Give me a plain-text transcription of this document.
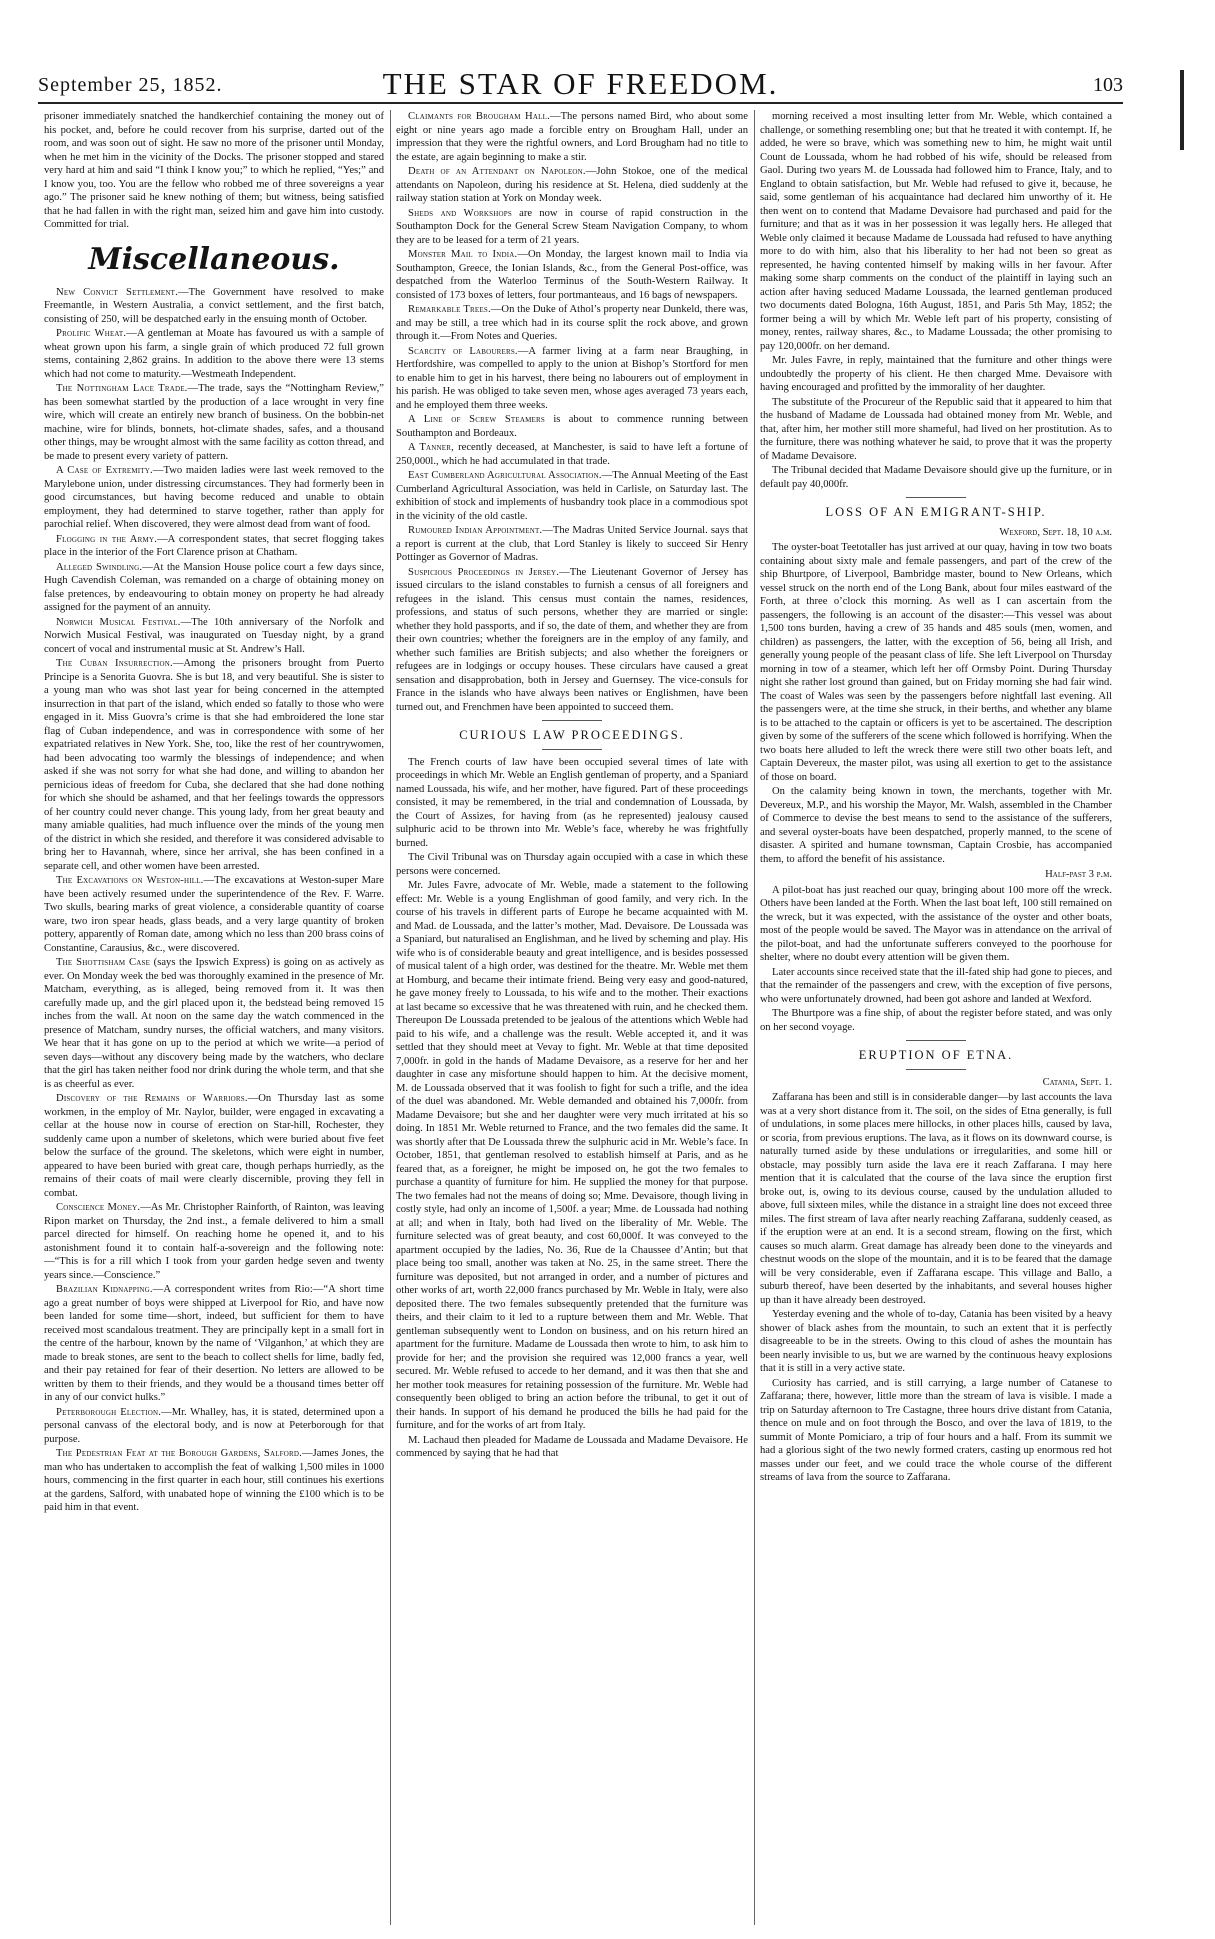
September 25, 1852.	THE STAR OF FREEDOM.	103

prisoner immediately snatched the handkerchief containing the money out of his pocket, and, before he could recover from his surprise, darted out of the room, and was soon out of sight. He saw no more of the prisoner until Monday, when he met him in the vicinity of the Docks. The prisoner stopped and stared very hard at him and said “I think I know you;” to which he replied, “Yes;” and I know you, too. You are the fellow who robbed me of three sovereigns a year ago.” The prisoner said he knew nothing of them; but witness, being satisfied that he had fallen in with the right man, seized him and gave him into custody. Committed for trial.

Miscellaneous.

New Convict Settlement.—The Government have resolved to make Freemantle, in Western Australia, a convict settlement, and the first batch, consisting of 250, will be despatched early in the ensuing month of October.

Prolific Wheat.—A gentleman at Moate has favoured us with a sample of wheat grown upon his farm, a single grain of which produced 72 full grown stems, containing 2,862 grains. In addition to the above there were 13 stems which had not come to maturity.—Westmeath Independent.

The Nottingham Lace Trade.—The trade, says the “Nottingham Review,” has been somewhat startled by the production of a lace wrought in very fine wire, which will create an entirely new branch of business. On the bobbin-net machine, wire for blinds, bonnets, hot-climate shades, safes, and a thousand other things, may be wrought almost with the same facility as cotton thread, and be made to present every variety of pattern.

A Case of Extremity.—Two maiden ladies were last week removed to the Marylebone union, under distressing circumstances. They had formerly been in good circumstances, but having become reduced and unable to obtain employment, they had determined to starve together, rather than apply for parochial relief. When discovered, they were almost dead from want of food.

Flogging in the Army.—A correspondent states, that secret flogging takes place in the interior of the Fort Clarence prison at Chatham.

Alleged Swindling.—At the Mansion House police court a few days since, Hugh Cavendish Coleman, was remanded on a charge of obtaining money on false pretences, by endeavouring to obtain money on property he had already assigned for the payment of an annuity.

Norwich Musical Festival.—The 10th anniversary of the Norfolk and Norwich Musical Festival, was inaugurated on Tuesday night, by a grand concert of vocal and instrumental music at St. Andrew’s Hall.

The Cuban Insurrection.—Among the prisoners brought from Puerto Principe is a Senorita Guovra. She is but 18, and very beautiful. She is sister to a young man who was shot last year for being concerned in the attempted insurrection in that part of the island, which ended so fatally to those who were engaged in it. Miss Guovra’s crime is that she had embroidered the lone star flag of Cuban independence, and was in correspondence with some of her expatriated relatives in New York. She, too, like the rest of her countrywomen, had been advocating too warmly the blessings of independence; and when asked if she was not sorry for what she had done, and willing to abandon her pernicious ideas of freedom for Cuba, she declared that she had done nothing for which she should be ashamed, and that her feelings towards the oppressors of her country could never change. This young lady, from her great beauty and many amiable qualities, had much influence over the minds of the young men of the district in which she resided, and therefore it was considered advisable to bring her to Havannah, where, since her arrival, she has been confined in a separate cell, and other women have been arrested.

The Excavations on Weston-hill.—The excavations at Weston-super Mare have been actively resumed under the superintendence of the Rev. F. Warre. Two skulls, bearing marks of great violence, a considerable quantity of coarse ware, two iron spear heads, glass beads, and a very large quantity of broken pottery, apparently of Roman date, among which no less than 200 brass coins of Constantine, Carausius, &c., were discovered.

The Shottisham Case (says the Ipswich Express) is going on as actively as ever. On Monday week the bed was thoroughly examined in the presence of Mr. Matcham, everything, as is alleged, being removed from it. It was then carefully made up, and the girl placed upon it, the bedstead being removed 15 inches from the wall. At noon on the same day the watch commenced in the presence of Matcham, sundry nurses, the official watchers, and many visitors. We hear that it has gone on up to the period at which we write—a period of seven days—without any discovery being made by the watchers, who declare that the girl has taken neither food nor drink during the whole term, and that she is as cheerful as ever.

Discovery of the Remains of Warriors.—On Thursday last as some workmen, in the employ of Mr. Naylor, builder, were engaged in excavating a cellar at the house now in course of erection on Star-hill, Rochester, they suddenly came upon a number of skeletons, which were buried about five feet below the surface of the ground. The skeletons, which were eight in number, appeared to have been buried with great care, though perhaps hurriedly, as the remains of their coats of mail were clearly discernible, proving they fell in combat.

Conscience Money.—As Mr. Christopher Rainforth, of Rainton, was leaving Ripon market on Thursday, the 2nd inst., a female delivered to him a small parcel directed for himself. On reaching home he opened it, and to his astonishment found it to contain half-a-sovereign and the following note:—“This is for a rill which I took from your garden hedge seven and twenty years since.—Conscience.”

Brazilian Kidnapping.—A correspondent writes from Rio:—“A short time ago a great number of boys were shipped at Liverpool for Rio, and have now been landed for some time—short, indeed, but sufficient for them to have received most scandalous treatment. They are principally kept in a small fort in the centre of the harbour, known by the name of ‘Vilganhon,’ at which they are made to break stones, are sent to the beach to collect shells for lime, badly fed, and their pay retained for fear of their desertion. No letters are allowed to be written by them to their friends, and they would be a thousand times better off in any of our convict hulks.”

Peterborough Election.—Mr. Whalley, has, it is stated, determined upon a personal canvass of the electoral body, and is now at Peterborough for that purpose.

The Pedestrian Feat at the Borough Gardens, Salford.—James Jones, the man who has undertaken to accomplish the feat of walking 1,500 miles in 1000 hours, commencing in the first quarter in each hour, still continues his exertions at the gardens, Salford, with unabated hope of winning the £100 which is to be paid him in that event.

Claimants for Brougham Hall.—The persons named Bird, who about some eight or nine years ago made a forcible entry on Brougham Hall, under an impression that they were the rightful owners, and Lord Brougham had no title to the estate, are again beginning to make a stir.

Death of an Attendant on Napoleon.—John Stokoe, one of the medical attendants on Napoleon, during his residence at St. Helena, died suddenly at the railway station station at York on Monday week.

Sheds and Workshops are now in course of rapid construction in the Southampton Dock for the General Screw Steam Navigation Company, to whom they are to be leased for a term of 21 years.

Monster Mail to India.—On Monday, the largest known mail to India via Southampton, Greece, the Ionian Islands, &c., from the General Post-office, was despatched from the Waterloo Terminus of the South-Western Railway. It consisted of 173 boxes of letters, four portmanteaus, and 16 bags of newspapers.

Remarkable Trees.—On the Duke of Athol’s property near Dunkeld, there was, and may be still, a tree which had in its course split the rock above, and grown through it.—From Notes and Queries.

Scarcity of Labourers.—A farmer living at a farm near Braughing, in Hertfordshire, was compelled to apply to the union at Bishop’s Stortford for men to enable him to get in his harvest, there being no labourers out of employment in his parish. He was obliged to take seven men, whose ages averaged 73 years each, and he employed them three weeks.

A Line of Screw Steamers is about to commence running between Southampton and Bordeaux.

A Tanner, recently deceased, at Manchester, is said to have left a fortune of 250,000l., which he had accumulated in that trade.

East Cumberland Agricultural Association.—The Annual Meeting of the East Cumberland Agricultural Association, was held in Carlisle, on Saturday last. The exhibition of stock and implements of husbandry took place in a commodious spot in the vicinity of the old castle.

Rumoured Indian Appointment.—The Madras United Service Journal. says that a report is current at the club, that Lord Stanley is likely to succeed Sir Henry Pottinger as Governor of Madras.

Suspicious Proceedings in Jersey.—The Lieutenant Governor of Jersey has issued circulars to the island constables to furnish a census of all foreigners and refugees in the island. This census must contain the names, residences, professions, and status of such persons, whether they are married or single: whether they hold passports, and if so, the date of them, and whether they are from their own countries; whether the foreigners are in the employ of any family, and whether such families are British subjects; and also whether the foreigners or refugees are in lodgings or occupy houses. These circulars have caused a great sensation and disapprobation, both in Jersey and Guernsey. The vice-consuls for France in the islands who have always been natives or Englishmen, have been turned out, and Frenchmen have been appointed to succeed them.

CURIOUS LAW PROCEEDINGS.

The French courts of law have been occupied several times of late with proceedings in which Mr. Weble an English gentleman of property, and a Spaniard named Loussada, his wife, and her mother, have figured. Part of these proceedings consisted, it may be remembered, in the trial and condemnation of Loussada, by the Court of Assizes, for having from (as he represented) jealousy caused sulphuric acid to be thrown into Mr. Weble’s face, whereby he was frightfully burned.

The Civil Tribunal was on Thursday again occupied with a case in which these persons were concerned.

Mr. Jules Favre, advocate of Mr. Weble, made a statement to the following effect: Mr. Weble is a young Englishman of good family, and very rich. In the course of his travels in different parts of Europe he became acquainted with M. and Mad. de Loussada, and the latter’s mother, Mad. Devaisore. De Loussada was a Spaniard, but naturalised an Englishman, and he lived by scheming and play. His wife who is of considerable beauty and great intelligence, and is besides possessed of musical talent of a high order, was destined for the theatre. Mr. Weble met them at Homburg, and became their intimate friend. Being very easy and good-natured, he gave money freely to Loussada, to his wife and to the mother. Their exactions at last became so excessive that he was threatened with ruin, and he checked them. Thereupon De Loussada pretended to be jealous of the attentions which Weble had paid to his wife, and a challenge was the result. Weble accepted it, and it was settled that they should meet at Vevay to fight. Mr. Weble at that time deposited 7,000fr. in gold in the hands of Madame Devaisore, as a reserve for her and her daughter in case any misfortune should happen to him. At the decisive moment, M. de Loussada observed that it was foolish to fight for such a trifle, and the idea of the duel was abandoned. Mr. Weble demanded and obtained his 7,000fr. from Madame Devaisore; but she and her daughter were very much irritated at his so doing. In 1851 Mr. Weble returned to France, and the two females did the same. It was shortly after that De Loussada threw the sulphuric acid in Mr. Weble’s face. In October, 1851, that gentleman resolved to establish himself at Paris, and as he feared that, as a foreigner, he might be imposed on, he got the two females to purchase a quantity of furniture for him. He supplied the money for that purpose. The two females had not the means of doing so; Mme. Devaisore, though living in costly style, had only an income of 1,500f. a year; Mme. de Loussada had nothing at all; and when in Italy, both had lived on the liberality of Mr. Weble. The furniture selected was of great beauty, and cost 60,000f. It was conveyed to the apartment occupied by the ladies, No. 36, Rue de la Chaussee d’Antin; but that place being too small, another was taken at No. 25, in the same street. There the furniture was deposited, but not arranged in order, and a number of pictures and other works of art, worth 22,000 francs purchased by Mr. Weble in Italy, were also deposited there. The two females subsequently pretended that the furniture was theirs, and their claim to it led to a rupture between them and Mr. Weble. That gentleman subsequently went to London on business, and on his return hired an apartment for the furniture. Madame de Loussada then wrote to him, to ask him to provide for her; and the provision she required was 12,000 francs a year, well secured. Mr. Weble refused to accede to her demand, and it was then that she and her mother took measures for retaining possession of the furniture. Mr. Weble had consequently been obliged to bring an action before the tribunal, to get it out of their hands. In support of his demand he produced the bills he had paid for the furniture, and for the works of art from Italy.

M. Lachaud then pleaded for Madame de Loussada and Madame Devaisore. He commenced by saying that he had that

morning received a most insulting letter from Mr. Weble, which contained a challenge, or something resembling one; but that he treated it with contempt. If, he added, he were so brave, which was something new to him, he might wait until Count de Loussada, whom he had robbed of his wife, should be released from Gaol. During two years M. de Loussada had followed him to France, Italy, and to England to obtain satisfaction, but Mr. Weble had refused to give it, because, he said, some gentleman of his acquaintance had declared him unworthy of it. He then went on to contend that Madame Devaisore had purchased and paid for the furniture; and that as it was in her possession it was legally hers. He alleged that Weble only claimed it because Madame de Loussada had refused to have anything more to do with him, also that his liberality to her had not been so great as represented, he having contented himself by making wills in her favour. After making some sharp comments on the conduct of the plaintiff in laying such an action after having seduced Madame Loussada, the learned gentleman produced two documents dated Bologna, 16th August, 1851, and Paris 5th May, 1852; the former being a will by which Mr. Weble left part of his property, consisting of money, rentes, railway shares, &c., to Madame Loussada; the other promising to pay 120,000fr. on her demand.

Mr. Jules Favre, in reply, maintained that the furniture and other things were undoubtedly the property of his client. He then charged Mme. Devaisore with having encouraged and profitted by the immorality of her daughter.

The substitute of the Procureur of the Republic said that it appeared to him that the husband of Madame de Loussada had obtained money from Mr. Weble, and that, after him, her mother still more shameful, had lived on her prostitution. As to the furniture, there was nothing whatever he said, to prove that it was the property of Madame Devaisore.

The Tribunal decided that Madame Devaisore should give up the furniture, or in default pay 40,000fr.

LOSS OF AN EMIGRANT-SHIP.
Wexford, Sept. 18, 10 a.m.

The oyster-boat Teetotaller has just arrived at our quay, having in tow two boats containing about sixty male and female passengers, and part of the crew of the ship Bhurtpore, of Liverpool, Bambridge master, bound to New Orleans, which vessel struck on the north end of the Long Bank, about four miles eastward of the Forth, at three o’clock this morning. As well as I can ascertain from the passengers, the following is an account of the disaster:—This vessel was about 1,500 tons burden, having a crew of 35 hands and 485 souls (men, women, and children) as passengers, the latter, with the exception of 56, being all Irish, and generally young people of the peasant class of life. She left Liverpool on Thursday morning in tow of a steamer, which left her off Ormsby Point. During Thursday night she rather lost ground than gained, but on Friday morning she had fair wind. The coast of Wales was seen by the passengers before nightfall last evening. All the passengers were, at the time she struck, in their berths, and whether any blame is to be attached to the captain or officers is yet to be ascertained. The description given by some of the sufferers of the scene which followed is horrifying. When the two boats here alluded to left the wreck there were still two other boats left, and Captain Devereux, the master pilot, was using all exertion to get to the assistance of those on board.

On the calamity being known in town, the merchants, together with Mr. Devereux, M.P., and his worship the Mayor, Mr. Walsh, assembled in the Chamber of Commerce to devise the best means to send to the assistance of the sufferers, and several oyster-boats have been despatched, properly manned, to the scene of disaster. A spirited and humane townsman, Captain Crosbie, has accompanied them, to afford the benefit of his assistance.

Half-past 3 p.m.

A pilot-boat has just reached our quay, bringing about 100 more off the wreck. Others have been landed at the Forth. When the last boat left, 100 still remained on the wreck, but it was expected, with the assistance of the oyster and other boats, most of the people would be saved. The Mayor was in attendance on the arrival of the pilot-boat, and had the unfortunate sufferers conveyed to the poorhouse for shelter, where no doubt every attention will be given them.

Later accounts since received state that the ill-fated ship had gone to pieces, and that the remainder of the passengers and crew, with the exception of five persons, who were unfortunately drowned, had been got ashore and landed at Wexford.

The Bhurtpore was a fine ship, of about the register before stated, and was only on her second voyage.

ERUPTION OF ETNA.
Catania, Sept. 1.

Zaffarana has been and still is in considerable danger—by last accounts the lava was at a very short distance from it. The soil, on the sides of Etna generally, is full of undulations, in some places mere hillocks, in other places hills, caused by lava, or scoria, from previous eruptions. The lava, as it flows on its downward course, is naturally turned aside by these undulations or irregularities, and some hill or obstacle, may possibly turn aside the lava ere it reach Zaffarana. I may here mention that it is calculated that the course of the lava since the eruption first broke out, is, owing to its devious course, caused by the undulation alluded to above, full sixteen miles, while the distance in a straight line does not exceed three miles. The first stream of lava after nearly reaching Zaffarana, suddenly ceased, as if the eruption were at an end. It is a second stream, flowing on the first, which causes so much alarm. Great damage has already been done to the vineyards and chestnut woods on the slope of the mountain, and it is to be feared that the damage will be very considerable, even if Zaffarana escape. This village and Ballo, a suburb thereof, have been deserted by the inhabitants, and several houses higher up than it have already been destroyed.

Yesterday evening and the whole of to-day, Catania has been visited by a heavy shower of black ashes from the mountain, to such an extent that it is perfectly disagreeable to be in the streets. Owing to this cloud of ashes the mountain has been nearly invisible to us, but we are warned by the continuous heavy explosions that it is still in a very active state.

Curiosity has carried, and is still carrying, a large number of Catanese to Zaffarana; there, however, little more than the stream of lava is visible. I made a trip on Saturday afternoon to Tre Castagne, three hours drive distant from Catania, thence on mule and on foot through the Bosco, and over the lava of 1819, to the summit of Monte Pomiciaro, a trip of four hours and a half. From its summit we had a glorious sight of the two newly formed craters, casting up enormous red hot masses under our feet, and we could trace the whole course of the different streams of lava from the source to Zaffarana.
